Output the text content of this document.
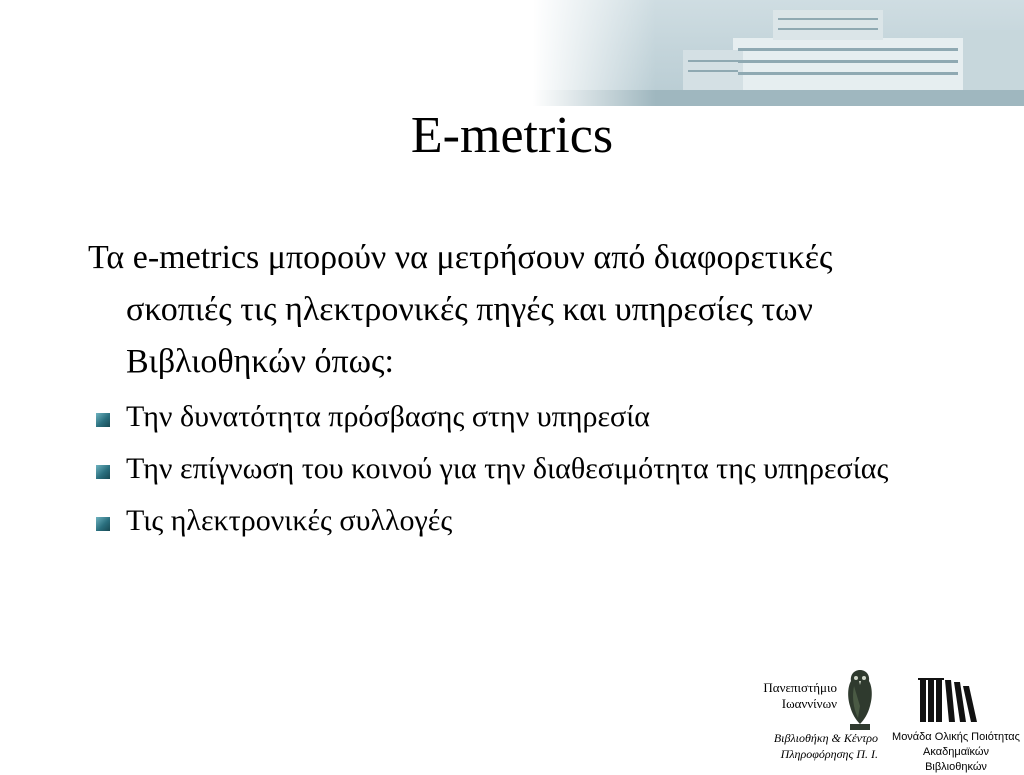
E-metrics

Τα e-metrics μπορούν να μετρήσουν από διαφορετικές σκοπιές τις ηλεκτρονικές πηγές και υπηρεσίες των Βιβλιοθηκών όπως:

Την δυνατότητα πρόσβασης στην υπηρεσία
Την επίγνωση του κοινού για την διαθεσιμότητα της υπηρεσίας
Τις ηλεκτρονικές συλλογές
Πανεπιστήμιο
Ιωαννίνων
Βιβλιοθήκη & Κέντρο
Πληροφόρησης Π. Ι.
Μονάδα Ολικής Ποιότητας
Ακαδημαϊκών Βιβλιοθηκών
